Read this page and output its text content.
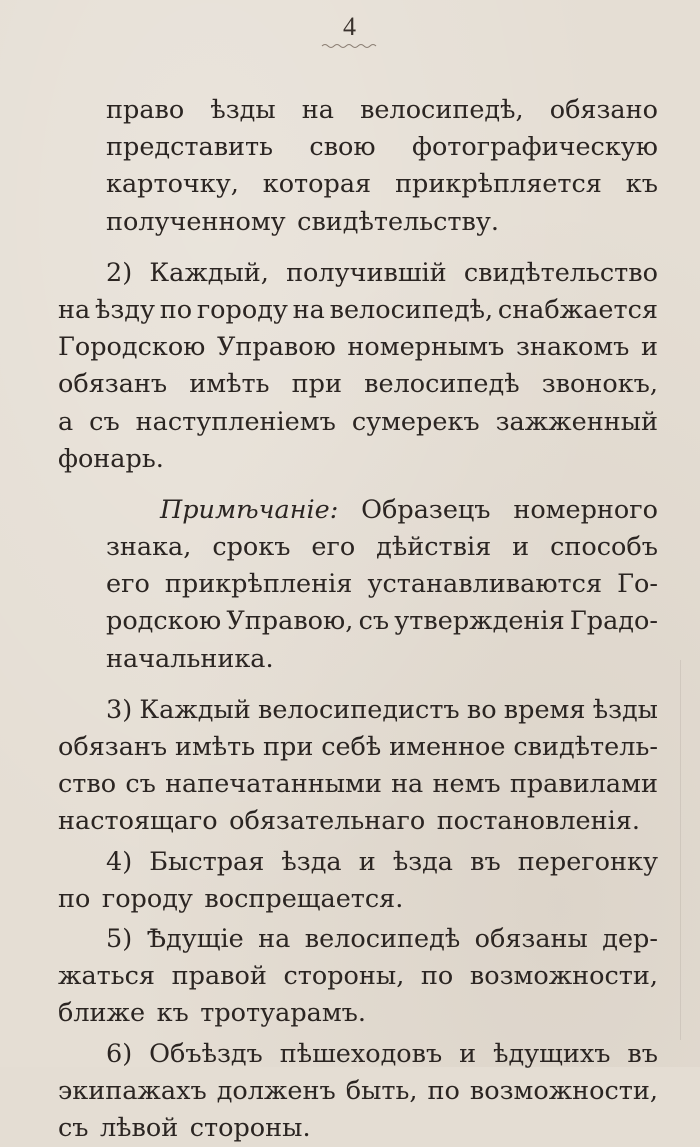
4
право ѣзды на велосипедѣ, обязано
представить свою фотографическую
карточку, которая прикрѣпляется къ
полученному свидѣтельству.
2) Каждый, получившій свидѣтельство
на ѣзду по городу на велосипедѣ, снабжается
Городскою Управою номернымъ знакомъ и
обязанъ имѣть при велосипедѣ звонокъ,
а съ наступленіемъ сумерекъ зажженный
фонарь.
Примѣчаніе: Образецъ номерного
знака, срокъ его дѣйствія и способъ
его прикрѣпленія устанавливаются Го-
родскою Управою, съ утвержденія Градо-
начальника.
3) Каждый велосипедистъ во время ѣзды
обязанъ имѣть при себѣ именное свидѣтель-
ство съ напечатанными на немъ правилами
настоящаго обязательнаго постановленія.
4) Быстрая ѣзда и ѣзда въ перегонку
по городу воспрещается.
5) Ѣдущіе на велосипедѣ обязаны дер-
жаться правой стороны, по возможности,
ближе къ тротуарамъ.
6) Объѣздъ пѣшеходовъ и ѣдущихъ въ
экипажахъ долженъ быть, по возможности,
съ лѣвой стороны.
